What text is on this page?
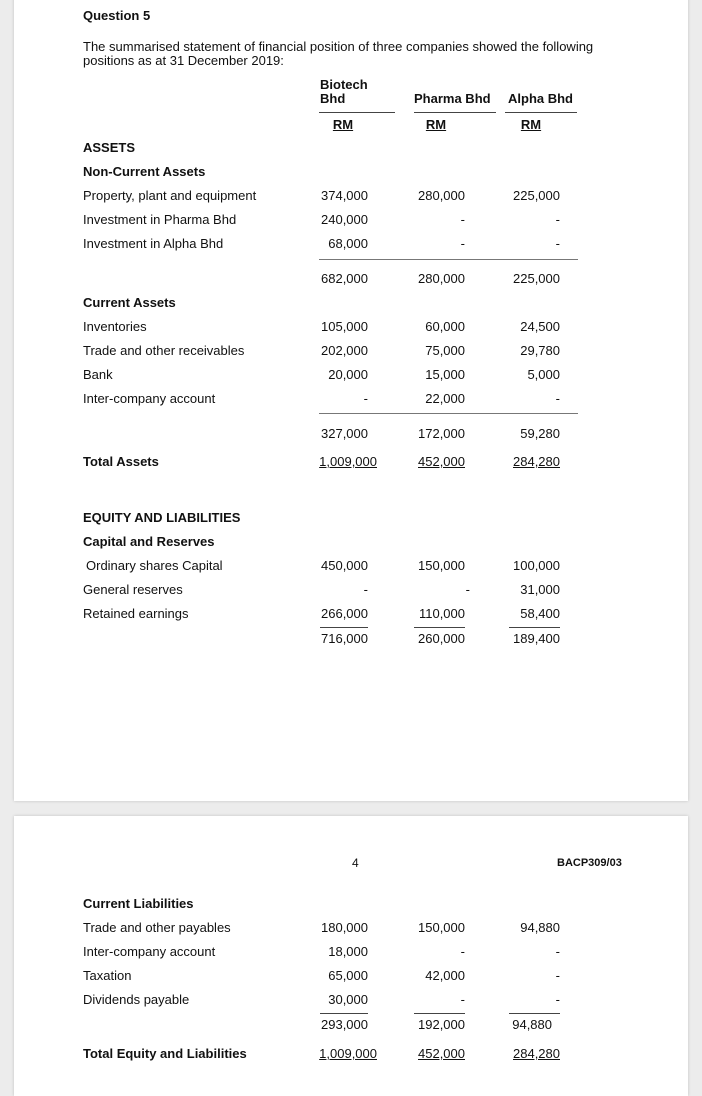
Question 5
The summarised statement of financial position of three companies showed the following
positions as at 31 December 2019:
Biotech
Bhd	Pharma Bhd Alpha Bhd
RM	RM	RM
ASSETS
Non-Current Assets
Property, plant and equipment	374,000	280,000	225,000
Investment in Pharma Bhd	240,000	-	-
Investment in Alpha Bhd	68,000	-	-
682,000	280,000	225,000
Current Assets
Inventories	105,000	60,000	24,500
Trade and other receivables	202,000	75,000	29,780
Bank	20,000	15,000	5,000
Inter-company account	-	22,000	-
327,000	172,000	59,280
Total Assets	1,009,000	452,000	284,280
EQUITY AND LIABILITIES
Capital and Reserves
Ordinary shares Capital	450,000	150,000	100,000
General reserves	-	-	31,000
Retained earnings	266,000	110,000	58,400
716,000	260,000	189,400
4	BACP309/03
Current Liabilities
Trade and other payables	180,000	150,000	94,880
Inter-company account	18,000	-	-
Taxation	65,000	42,000	-
Dividends payable	30,000	-	-
293,000	192,000	94,880
Total Equity and Liabilities	1,009,000	452,000	284,280
